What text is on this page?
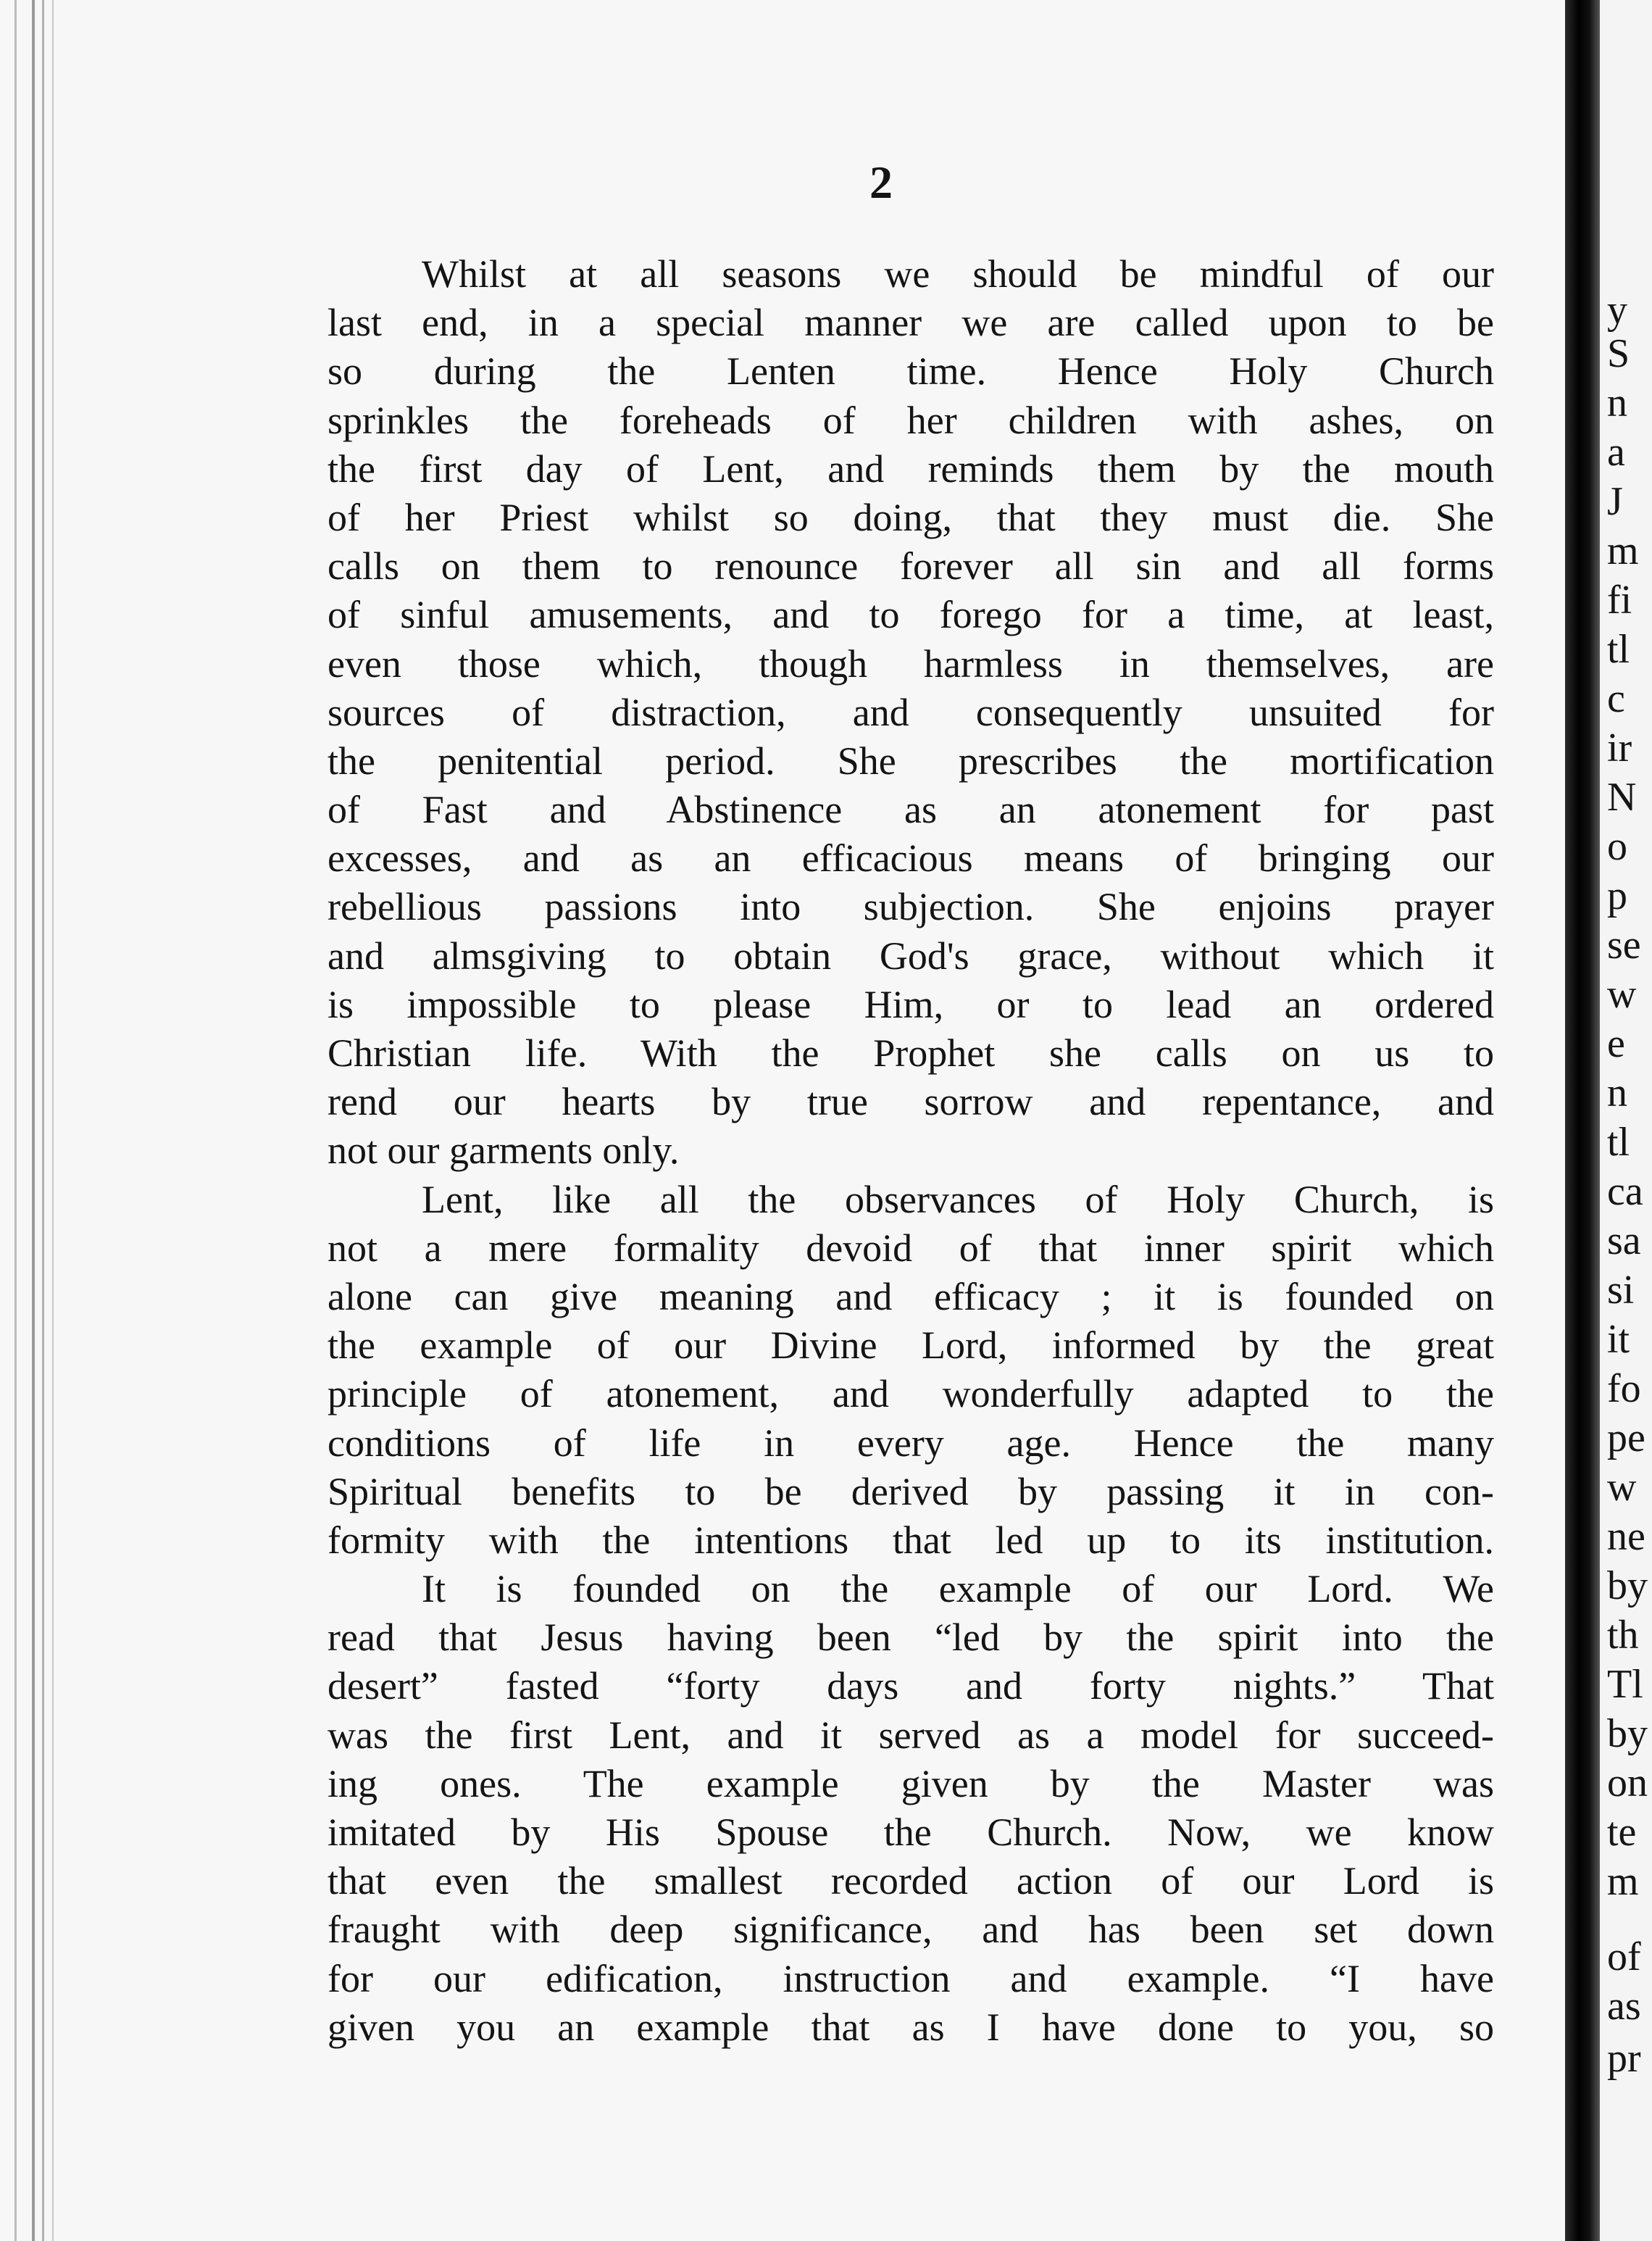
2
Whilst at all seasons we should be mindful of our
last end, in a special manner we are called upon to be
so during the Lenten time. Hence Holy Church
sprinkles the foreheads of her children with ashes, on
the first day of Lent, and reminds them by the mouth
of her Priest whilst so doing, that they must die. She
calls on them to renounce forever all sin and all forms
of sinful amusements, and to forego for a time, at least,
even those which, though harmless in themselves, are
sources of distraction, and consequently unsuited for
the penitential period. She prescribes the mortification
of Fast and Abstinence as an atonement for past
excesses, and as an efficacious means of bringing our
rebellious passions into subjection. She enjoins prayer
and almsgiving to obtain God's grace, without which it
is impossible to please Him, or to lead an ordered
Christian life. With the Prophet she calls on us to
rend our hearts by true sorrow and repentance, and
not our garments only.
Lent, like all the observances of Holy Church, is
not a mere formality devoid of that inner spirit which
alone can give meaning and efficacy ; it is founded on
the example of our Divine Lord, informed by the great
principle of atonement, and wonderfully adapted to the
conditions of life in every age. Hence the many
Spiritual benefits to be derived by passing it in con-
formity with the intentions that led up to its institution.
It is founded on the example of our Lord. We
read that Jesus having been “led by the spirit into the
desert” fasted “forty days and forty nights.” That
was the first Lent, and it served as a model for succeed-
ing ones. The example given by the Master was
imitated by His Spouse the Church. Now, we know
that even the smallest recorded action of our Lord is
fraught with deep significance, and has been set down
for our edification, instruction and example. “I have
given you an example that as I have done to you, so
y
S
n
a
J
m
fi
tl
c
ir
N
o
p
se
w
e
n
tl
ca
sa
si
it
fo
pe
w
ne
by
th
Tl
by
on
te
m
of
as
pr
